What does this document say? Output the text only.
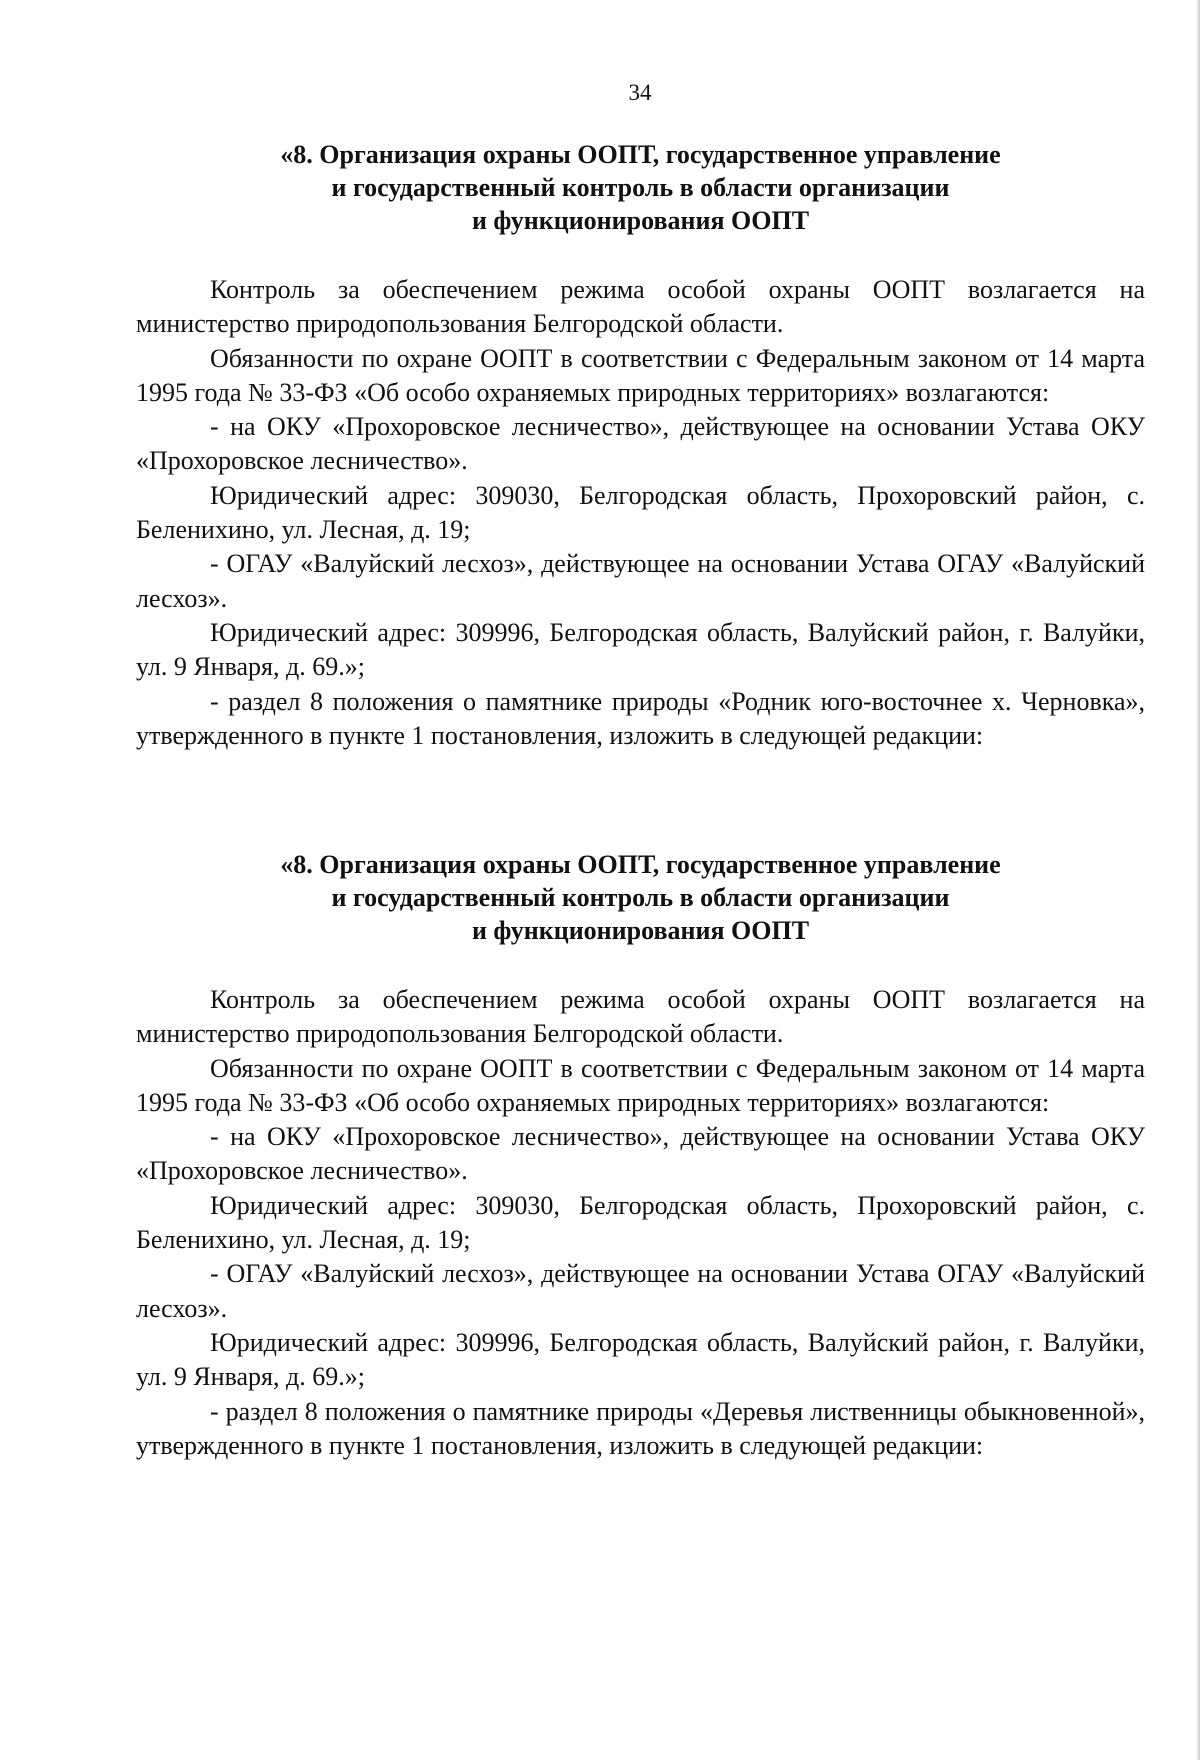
34
«8. Организация охраны ООПТ, государственное управление
и государственный контроль в области организации
и функционирования ООПТ

Контроль за обеспечением режима особой охраны ООПТ возлагается на министерство природопользования Белгородской области.

Обязанности по охране ООПТ в соответствии с Федеральным законом от 14 марта 1995 года № 33-ФЗ «Об особо охраняемых природных территориях» возлагаются:

- на ОКУ «Прохоровское лесничество», действующее на основании Устава ОКУ «Прохоровское лесничество».

Юридический адрес: 309030, Белгородская область, Прохоровский район, с. Беленихино, ул. Лесная, д. 19;

- ОГАУ «Валуйский лесхоз», действующее на основании Устава ОГАУ «Валуйский лесхоз».

Юридический адрес: 309996, Белгородская область, Валуйский район, г. Валуйки, ул. 9 Января, д. 69.»;

- раздел 8 положения о памятнике природы «Родник юго-восточнее х. Черновка», утвержденного в пункте 1 постановления, изложить в следующей редакции:

«8. Организация охраны ООПТ, государственное управление
и государственный контроль в области организации
и функционирования ООПТ

Контроль за обеспечением режима особой охраны ООПТ возлагается на министерство природопользования Белгородской области.

Обязанности по охране ООПТ в соответствии с Федеральным законом от 14 марта 1995 года № 33-ФЗ «Об особо охраняемых природных территориях» возлагаются:

- на ОКУ «Прохоровское лесничество», действующее на основании Устава ОКУ «Прохоровское лесничество».

Юридический адрес: 309030, Белгородская область, Прохоровский район, с. Беленихино, ул. Лесная, д. 19;

- ОГАУ «Валуйский лесхоз», действующее на основании Устава ОГАУ «Валуйский лесхоз».

Юридический адрес: 309996, Белгородская область, Валуйский район, г. Валуйки, ул. 9 Января, д. 69.»;

- раздел 8 положения о памятнике природы «Деревья лиственницы обыкновенной», утвержденного в пункте 1 постановления, изложить в следующей редакции:
